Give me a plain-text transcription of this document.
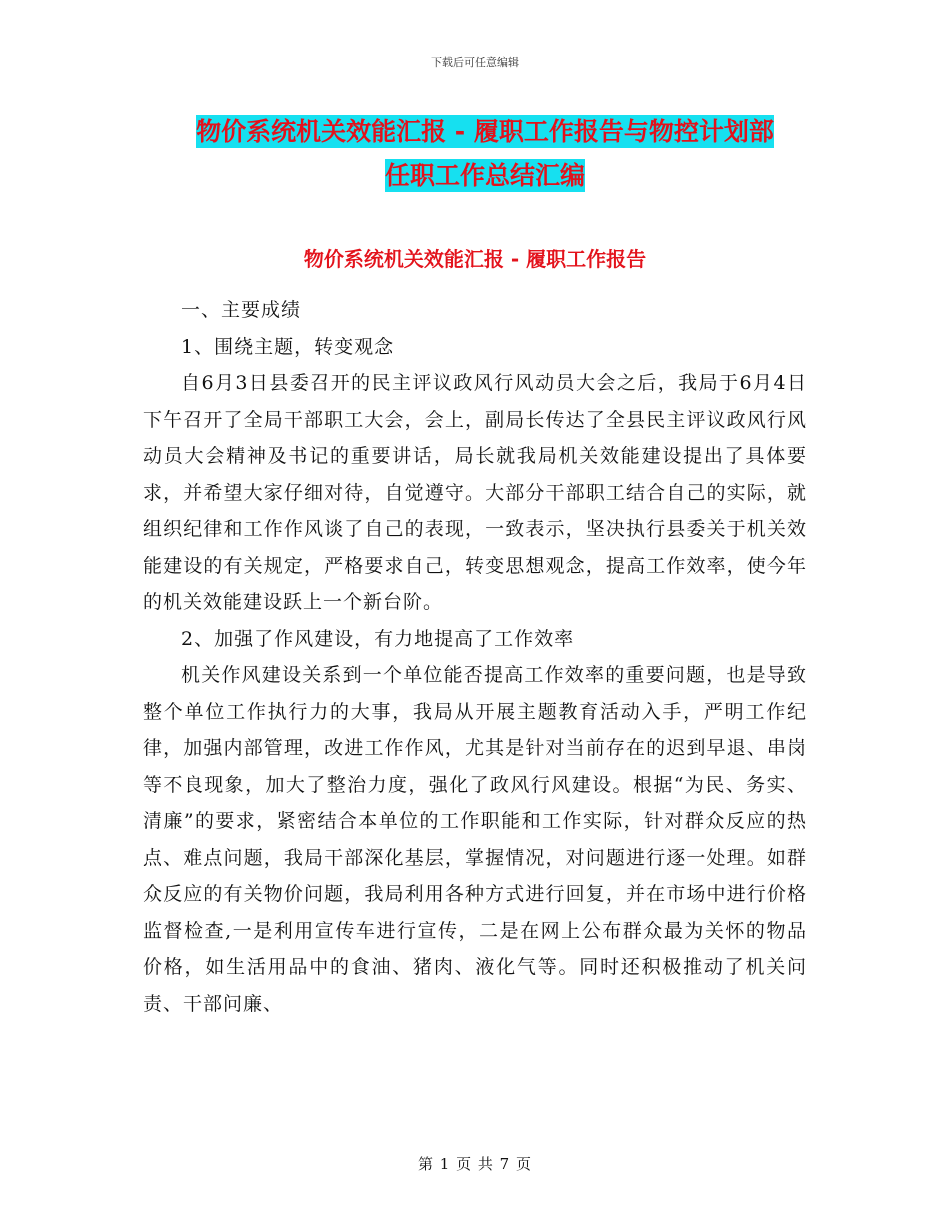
下载后可任意编辑
物价系统机关效能汇报 - 履职工作报告与物控计划部
任职工作总结汇编
物价系统机关效能汇报 - 履职工作报告

一、主要成绩

1、围绕主题，转变观念

自6月3日县委召开的民主评议政风行风动员大会之后，我局于6月4日下午召开了全局干部职工大会，会上，副局长传达了全县民主评议政风行风动员大会精神及书记的重要讲话，局长就我局机关效能建设提出了具体要求，并希望大家仔细对待，自觉遵守。大部分干部职工结合自己的实际，就组织纪律和工作作风谈了自己的表现，一致表示，坚决执行县委关于机关效能建设的有关规定，严格要求自己，转变思想观念，提高工作效率，使今年的机关效能建设跃上一个新台阶。

2、加强了作风建设，有力地提高了工作效率

机关作风建设关系到一个单位能否提高工作效率的重要问题，也是导致整个单位工作执行力的大事，我局从开展主题教育活动入手，严明工作纪律，加强内部管理，改进工作作风，尤其是针对当前存在的迟到早退、串岗等不良现象，加大了整治力度，强化了政风行风建设。根据“为民、务实、清廉”的要求，紧密结合本单位的工作职能和工作实际，针对群众反应的热点、难点问题，我局干部深化基层，掌握情况，对问题进行逐一处理。如群众反应的有关物价问题，我局利用各种方式进行回复，并在市场中进行价格监督检查,一是利用宣传车进行宣传，二是在网上公布群众最为关怀的物品价格，如生活用品中的食油、猪肉、液化气等。同时还积极推动了机关问责、干部问廉、

第 1 页 共 7 页
